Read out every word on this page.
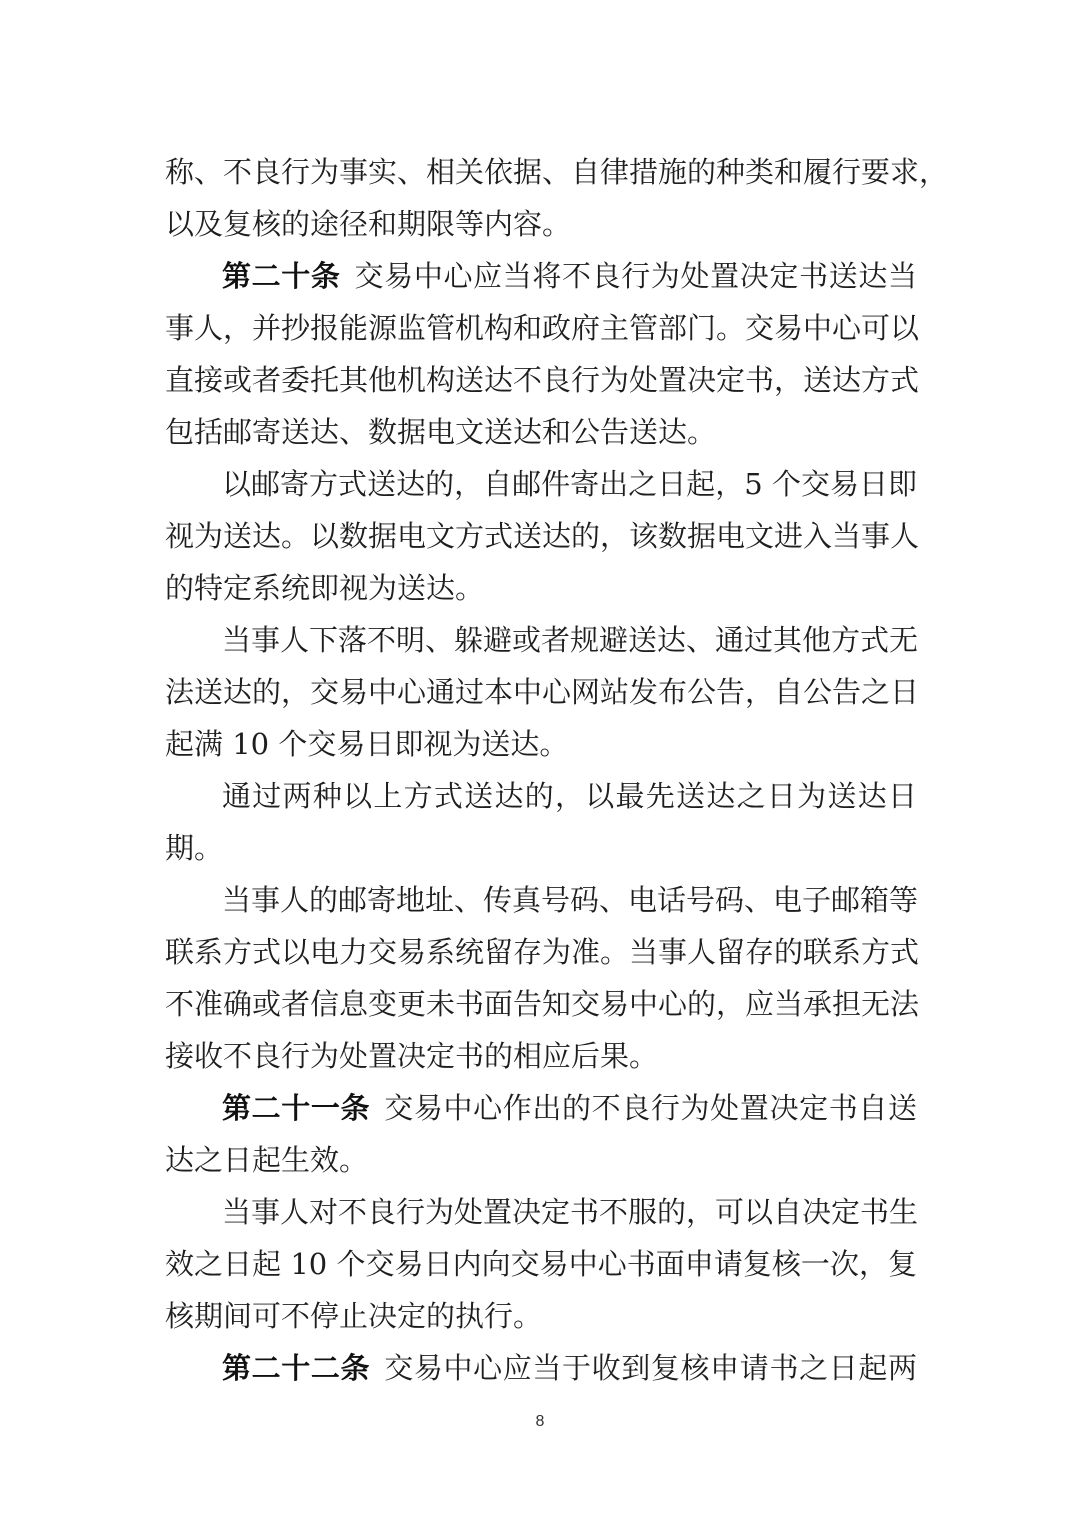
称、不良行为事实、相关依据、自律措施的种类和履行要求，
以及复核的途径和期限等内容。
第二十条 交易中心应当将不良行为处置决定书送达当
事人，并抄报能源监管机构和政府主管部门。交易中心可以
直接或者委托其他机构送达不良行为处置决定书，送达方式
包括邮寄送达、数据电文送达和公告送达。
以邮寄方式送达的，自邮件寄出之日起，5 个交易日即
视为送达。以数据电文方式送达的，该数据电文进入当事人
的特定系统即视为送达。
当事人下落不明、躲避或者规避送达、通过其他方式无
法送达的，交易中心通过本中心网站发布公告，自公告之日
起满 10 个交易日即视为送达。
通过两种以上方式送达的，以最先送达之日为送达日
期。
当事人的邮寄地址、传真号码、电话号码、电子邮箱等
联系方式以电力交易系统留存为准。当事人留存的联系方式
不准确或者信息变更未书面告知交易中心的，应当承担无法
接收不良行为处置决定书的相应后果。
第二十一条 交易中心作出的不良行为处置决定书自送
达之日起生效。
当事人对不良行为处置决定书不服的，可以自决定书生
效之日起 10 个交易日内向交易中心书面申请复核一次，复
核期间可不停止决定的执行。
第二十二条 交易中心应当于收到复核申请书之日起两
8
